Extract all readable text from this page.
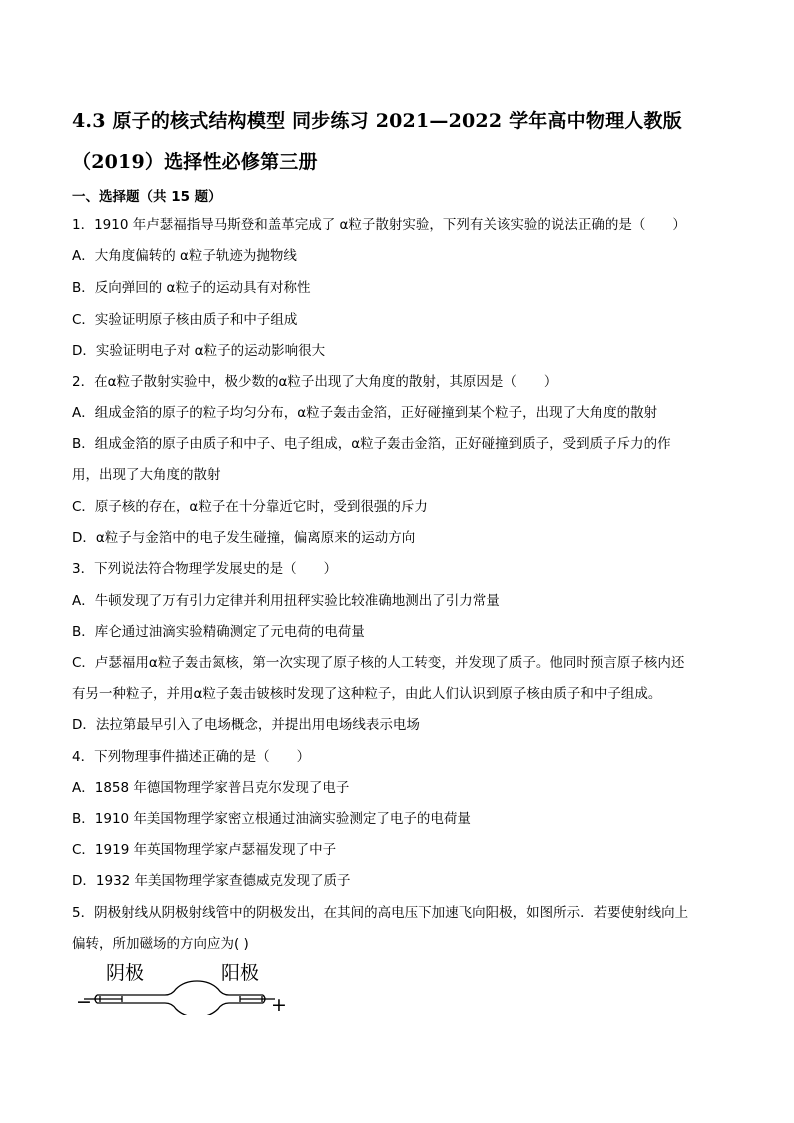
4.3 原子的核式结构模型 同步练习 2021—2022 学年高中物理人教版
（2019）选择性必修第三册
一、选择题（共 15 题）
1．1910 年卢瑟福指导马斯登和盖革完成了 α粒子散射实验，下列有关该实验的说法正确的是（　　）
A．大角度偏转的 α粒子轨迹为抛物线
B．反向弹回的 α粒子的运动具有对称性
C．实验证明原子核由质子和中子组成
D．实验证明电子对 α粒子的运动影响很大
2．在α粒子散射实验中，极少数的α粒子出现了大角度的散射，其原因是（　　）
A．组成金箔的原子的粒子均匀分布，α粒子轰击金箔，正好碰撞到某个粒子，出现了大角度的散射
B．组成金箔的原子由质子和中子、电子组成，α粒子轰击金箔，正好碰撞到质子，受到质子斥力的作
用，出现了大角度的散射
C．原子核的存在，α粒子在十分靠近它时，受到很强的斥力
D．α粒子与金箔中的电子发生碰撞，偏离原来的运动方向
3．下列说法符合物理学发展史的是（　　）
A．牛顿发现了万有引力定律并利用扭秤实验比较准确地测出了引力常量
B．库仑通过油滴实验精确测定了元电荷的电荷量
C．卢瑟福用α粒子轰击氮核，第一次实现了原子核的人工转变，并发现了质子。他同时预言原子核内还
有另一种粒子，并用α粒子轰击铍核时发现了这种粒子，由此人们认识到原子核由质子和中子组成。
D．法拉第最早引入了电场概念，并提出用电场线表示电场
4．下列物理事件描述正确的是（　　）
A．1858 年德国物理学家普吕克尔发现了电子
B．1910 年美国物理学家密立根通过油滴实验测定了电子的电荷量
C．1919 年英国物理学家卢瑟福发现了中子
D．1932 年美国物理学家查德威克发现了质子
5．阴极射线从阴极射线管中的阴极发出，在其间的高电压下加速飞向阳极，如图所示．若要使射线向上
偏转，所加磁场的方向应为( )
阴极	阳极
−	+
